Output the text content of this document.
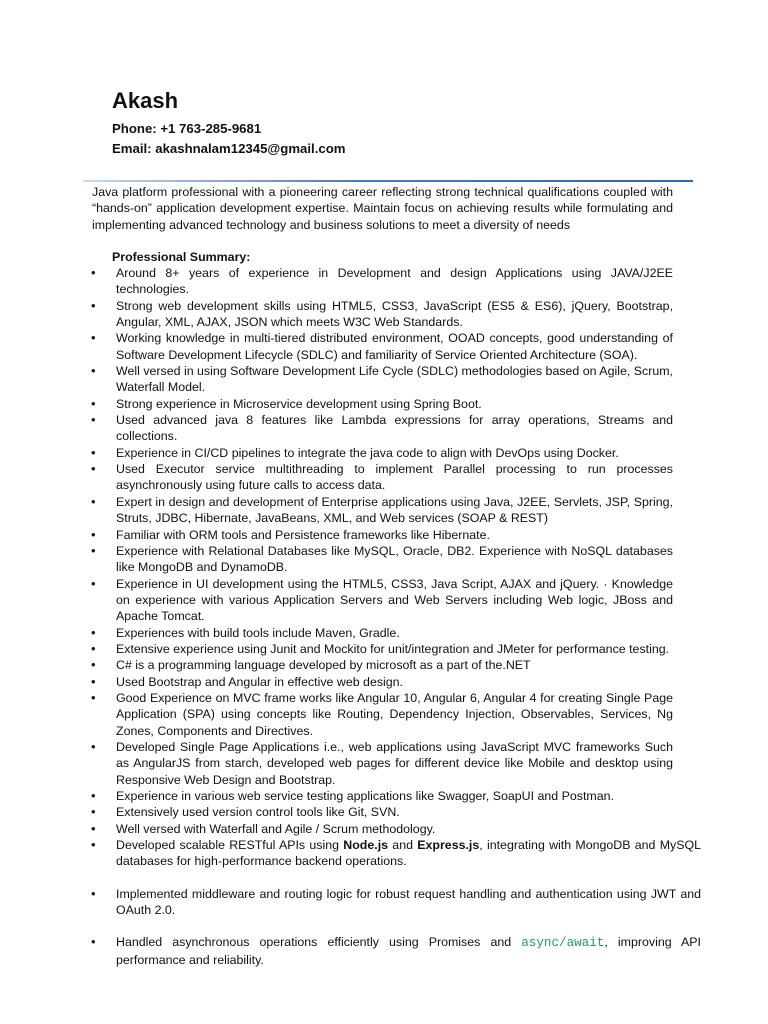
Akash

Phone: +1 763-285-9681

Email: akashnalam12345@gmail.com

Java platform professional with a pioneering career reflecting strong technical qualifications coupled with “hands-on” application development expertise. Maintain focus on achieving results while formulating and implementing advanced technology and business solutions to meet a diversity of needs

Professional Summary:

• Around 8+ years of experience in Development and design Applications using JAVA/J2EE technologies.
• Strong web development skills using HTML5, CSS3, JavaScript (ES5 & ES6), jQuery, Bootstrap, Angular, XML, AJAX, JSON which meets W3C Web Standards.
• Working knowledge in multi-tiered distributed environment, OOAD concepts, good understanding of Software Development Lifecycle (SDLC) and familiarity of Service Oriented Architecture (SOA).
• Well versed in using Software Development Life Cycle (SDLC) methodologies based on Agile, Scrum, Waterfall Model.
• Strong experience in Microservice development using Spring Boot.
• Used advanced java 8 features like Lambda expressions for array operations, Streams and collections.
• Experience in CI/CD pipelines to integrate the java code to align with DevOps using Docker.
• Used Executor service multithreading to implement Parallel processing to run processes asynchronously using future calls to access data.
• Expert in design and development of Enterprise applications using Java, J2EE, Servlets, JSP, Spring, Struts, JDBC, Hibernate, JavaBeans, XML, and Web services (SOAP & REST)
• Familiar with ORM tools and Persistence frameworks like Hibernate.
• Experience with Relational Databases like MySQL, Oracle, DB2. Experience with NoSQL databases like MongoDB and DynamoDB.
• Experience in UI development using the HTML5, CSS3, Java Script, AJAX and jQuery. · Knowledge on experience with various Application Servers and Web Servers including Web logic, JBoss and Apache Tomcat.
• Experiences with build tools include Maven, Gradle.
• Extensive experience using Junit and Mockito for unit/integration and JMeter for performance testing.
• C# is a programming language developed by microsoft as a part of the.NET
• Used Bootstrap and Angular in effective web design.
• Good Experience on MVC frame works like Angular 10, Angular 6, Angular 4 for creating Single Page Application (SPA) using concepts like Routing, Dependency Injection, Observables, Services, Ng Zones, Components and Directives.
• Developed Single Page Applications i.e., web applications using JavaScript MVC frameworks Such as AngularJS from starch, developed web pages for different device like Mobile and desktop using Responsive Web Design and Bootstrap.
• Experience in various web service testing applications like Swagger, SoapUI and Postman.
• Extensively used version control tools like Git, SVN.
• Well versed with Waterfall and Agile / Scrum methodology.
• Developed scalable RESTful APIs using Node.js and Express.js, integrating with MongoDB and MySQL databases for high-performance backend operations.
• Implemented middleware and routing logic for robust request handling and authentication using JWT and OAuth 2.0.
• Handled asynchronous operations efficiently using Promises and async/await, improving API performance and reliability.
